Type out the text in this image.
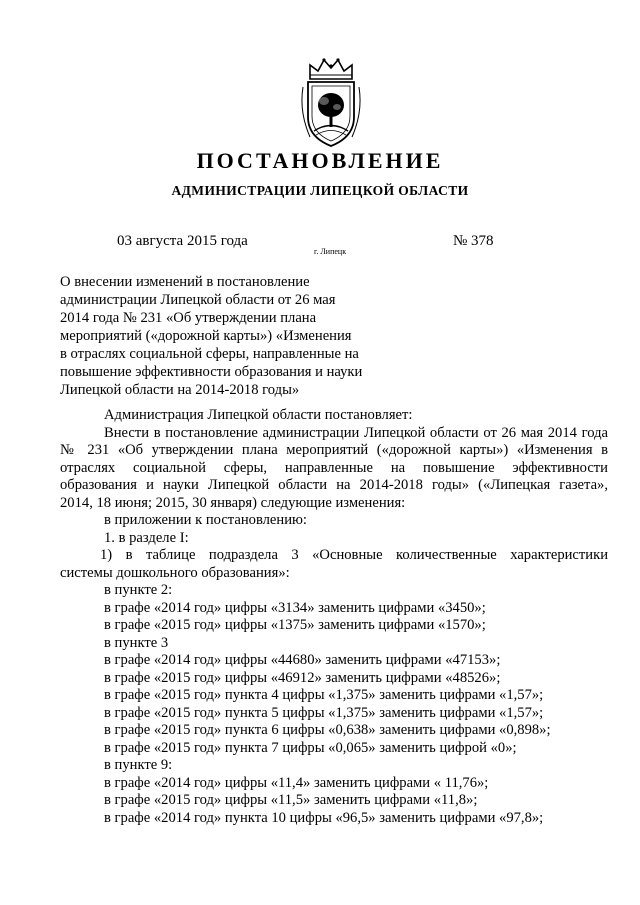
ПОСТАНОВЛЕНИЕ
АДМИНИСТРАЦИИ ЛИПЕЦКОЙ ОБЛАСТИ
03 августа 2015 года
г. Липецк
№ 378
О внесении изменений в постановление
администрации Липецкой области от 26 мая
2014 года № 231 «Об утверждении плана
мероприятий («дорожной карты») «Изменения
в отраслях социальной сферы, направленные на
повышение эффективности образования и науки
Липецкой области на 2014-2018 годы»
Администрация Липецкой области постановляет:
Внести в постановление администрации Липецкой области от 26 мая 2014 года
№ 231 «Об утверждении плана мероприятий («дорожной карты») «Изменения в
отраслях социальной сферы, направленные на повышение эффективности
образования и науки Липецкой области на 2014-2018 годы» («Липецкая газета»,
2014, 18 июня; 2015, 30 января) следующие изменения:
в приложении к постановлению:
1. в разделе I:
1) в таблице подраздела 3 «Основные количественные характеристики
системы дошкольного образования»:
в пункте 2:
в графе «2014 год» цифры «3134» заменить цифрами «3450»;
в графе «2015 год» цифры «1375» заменить цифрами «1570»;
в пункте 3
в графе «2014 год» цифры «44680» заменить цифрами «47153»;
в графе «2015 год» цифры «46912» заменить цифрами «48526»;
в графе «2015 год» пункта 4 цифры «1,375» заменить цифрами «1,57»;
в графе «2015 год» пункта 5 цифры «1,375» заменить цифрами «1,57»;
в графе «2015 год» пункта 6 цифры «0,638» заменить цифрами «0,898»;
в графе «2015 год» пункта 7 цифры «0,065» заменить цифрой «0»;
в пункте 9:
в графе «2014 год» цифры «11,4» заменить цифрами « 11,76»;
в графе «2015 год» цифры «11,5» заменить цифрами «11,8»;
в графе «2014 год» пункта 10 цифры «96,5» заменить цифрами «97,8»;
